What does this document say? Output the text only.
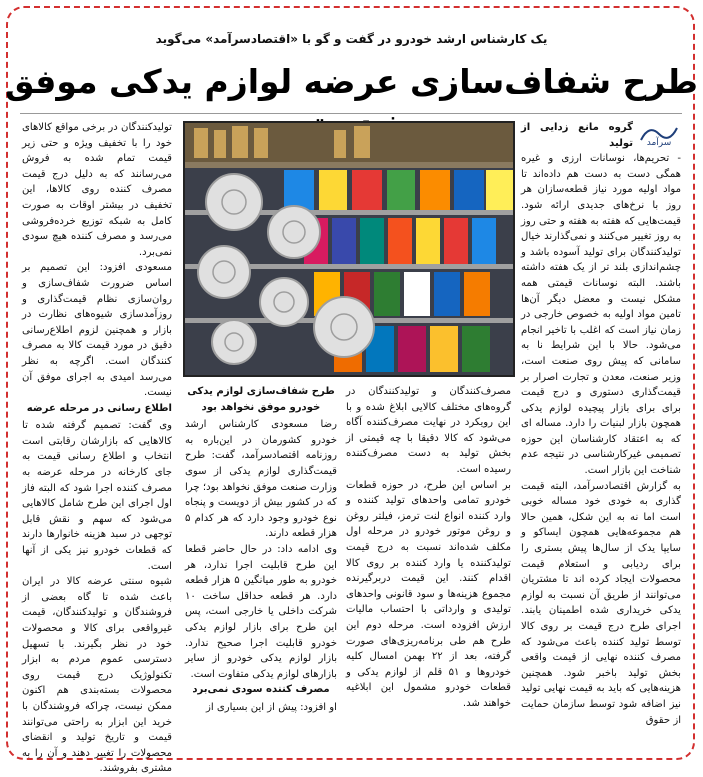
یک کارشناس ارشد خودرو در گفت و گو با «اقتصادسرآمد» می‌گوید
طرح شفاف‌سازی عرضه لوازم یدکی موفق
سرآمد
گروه مانع زدایی از تولید

- تحریم‌ها، نوسانات ارزی و غیره همگی دست به دست هم داده‌اند تا مواد اولیه مورد نیاز قطعه‌سازان هر روز با نرخ‌های جدیدی ارائه شود. قیمت‌هایی که هفته به هفته و حتی روز به روز تغییر می‌کنند و نمی‌گذارند خیال تولیدکنندگان برای تولید آسوده باشد و چشم‌اندازی بلند تر از یک هفته داشته باشند. البته نوسانات قیمتی همه مشکل نیست و معضل دیگر آن‌ها تامین مواد اولیه به خصوص خارجی در زمان نیاز است که اغلب با تاخیر انجام می‌شود. حالا با این شرایط نا به سامانی که پیش روی صنعت است، وزیر صنعت، معدن و تجارت اصرار بر قیمت‌گذاری دستوری و درج قیمت برای برای بازار پیچیده لوازم یدکی همچون بازار لبنیات را دارد. مساله ای که به اعتقاد کارشناسان این حوزه تصمیمی غیرکارشناسی در نتیجه عدم شناخت این بازار است.

به گزارش اقتصادسرآمد، البته قیمت گذاری به خودی خود مساله خوبی است اما نه به این شکل، همین حالا هم مجموعه‌هایی همچون ایساکو و سایپا یدک از سال‌ها پیش بستری را برای ردیابی و استعلام قیمت محصولات ایجاد کرده اند تا مشتریان می‌توانند از طریق آن نسبت به لوازم یدکی خریداری شده اطمینان یابند. اجرای طرح درج قیمت بر روی کالا توسط تولید کننده باعث می‌شود که مصرف کننده نهایی از قیمت واقعی بخش تولید باخبر شود. همچنین هزینه‌هایی که باید به قیمت نهایی تولید نیز اضافه شود توسط سازمان حمایت از حقوق

مصرف‌کنندگان و تولیدکنندگان در گروه‌های مختلف کالایی ابلاغ شده و با این رویکرد در نهایت مصرف‌کننده آگاه می‌شود که کالا دقیقا با چه قیمتی از بخش تولید به دست مصرف‌کننده رسیده است.

بر اساس این طرح، در حوزه قطعات خودرو تمامی واحدهای تولید کننده و وارد کننده انواع لنت ترمز، فیلتر روغن و روغن موتور خودرو در مرحله اول مکلف شده‌اند نسبت به درج قیمت تولیدکننده یا وارد کننده بر روی کالا اقدام کنند. این قیمت دربرگیرنده مجموع هزینه‌ها و سود قانونی واحدهای تولیدی و وارداتی با احتساب مالیات ارزش افزوده است. مرحله دوم این طرح هم طی برنامه‌ریزی‌های صورت گرفته، بعد از ۲۲ بهمن امسال کلیه خودروها و ۵۱ قلم از لوازم یدکی و قطعات خودرو مشمول این ابلاغیه خواهند شد.

طرح شفاف‌سازی لوازم یدکی خودرو موفق نخواهد بود

رضا مسعودی کارشناس ارشد خودرو کشورمان در این‌باره به روزنامه اقتصادسرآمد، گفت: طرح قیمت‌گذاری لوازم یدکی از سوی وزارت صنعت موفق نخواهد بود؛ چرا که در کشور بیش از دویست و پنجاه نوع خودرو وجود دارد که هر کدام ۵ هزار قطعه دارند.

وی ادامه داد: در حال حاضر قطعا این طرح قابلیت اجرا ندارد، هر خودرو به طور میانگین ۵ هزار قطعه دارد. هر قطعه حداقل ساخت ۱۰ شرکت داخلی یا خارجی است، پس این طرح برای بازار لوازم یدکی خودرو قابلیت اجرا صحیح ندارد. بازار لوازم یدکی خودرو از سایر بازارهای لوازم یدکی متفاوت است.

مصرف کننده سودی نمی‌برد

او افزود: پیش از این بسیاری از

تولیدکنندگان در برخی مواقع کالاهای خود را با تخفیف ویژه و حتی زیر قیمت تمام شده به فروش می‌رسانند که به دلیل درج قیمت مصرف کننده روی کالاها، این تخفیف در بیشتر اوقات به صورت کامل به شبکه توزیع خرده‌فروشی می‌رسد و مصرف کننده هیچ سودی نمی‌برد.

مسعودی افزود: این تصمیم بر اساس ضرورت شفاف‌سازی و روان‌سازی نظام قیمت‌گذاری و روزآمدسازی شیوه‌های نظارت در بازار و همچنین لزوم اطلاع‌رسانی دقیق در مورد قیمت کالا به مصرف کنندگان است. اگرچه به نظر می‌رسد امیدی به اجرای موفق آن نیست.

اطلاع رسانی در مرحله عرضه

وی گفت: تصمیم گرفته شده تا کالاهایی که بازارشان رقابتی است انتخاب و اطلاع رسانی قیمت به جای کارخانه در مرحله عرضه به مصرف کننده اجرا شود که البته فاز اول اجرای این طرح شامل کالاهایی می‌شود که سهم و نقش قابل توجهی در سبد هزینه خانوارها دارند که قطعات خودرو نیز یکی از آنها است.

شیوه سنتی عرضه کالا در ایران باعث شده تا گاه بعضی از فروشندگان و تولیدکنندگان، قیمت غیرواقعی برای کالا و محصولات خود در نظر بگیرند. با تسهیل دسترسی عموم مردم به ابزار تکنولوژیک درج قیمت روی محصولات بسته‌بندی هم اکنون ممکن نیست، چراکه فروشندگان با خرید این ابزار به راحتی می‌توانند قیمت و تاریخ تولید و انقضای محصولات را تغییر دهند و آن را به مشتری بفروشند.
